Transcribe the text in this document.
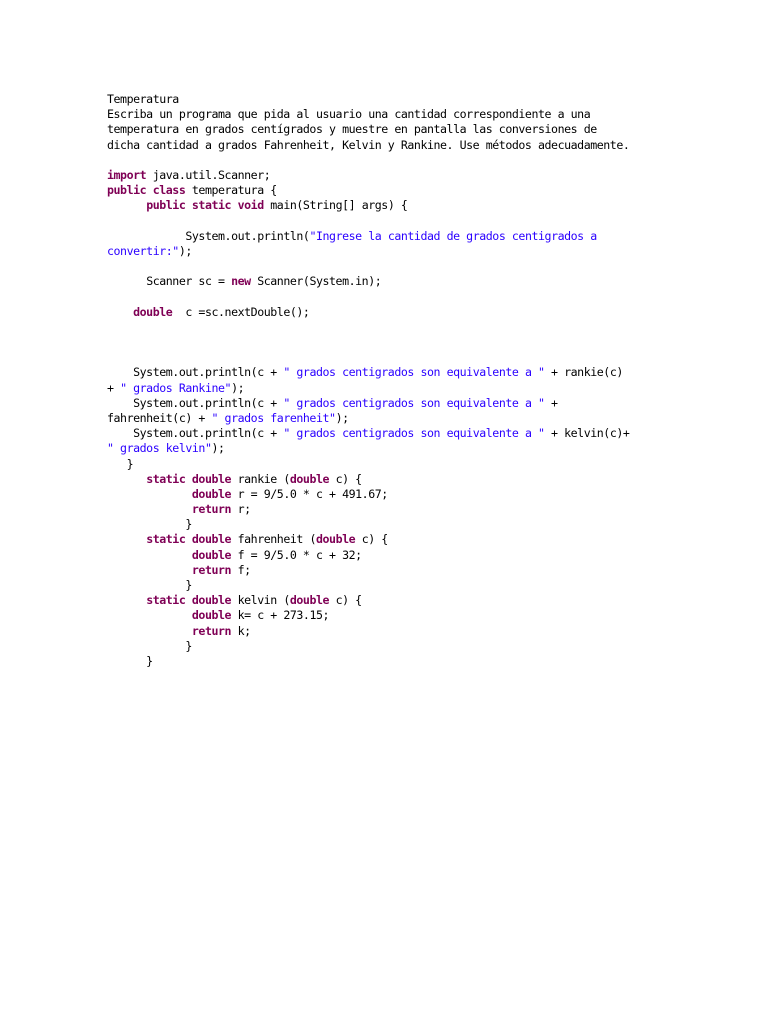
Temperatura
Escriba un programa que pida al usuario una cantidad correspondiente a una
temperatura en grados centígrados y muestre en pantalla las conversiones de
dicha cantidad a grados Fahrenheit, Kelvin y Rankine. Use métodos adecuadamente.
import java.util.Scanner;
public class temperatura {
public static void main(String[] args) {
System.out.println("Ingrese la cantidad de grados centigrados a
convertir:");
Scanner sc = new Scanner(System.in);
double  c =sc.nextDouble();
System.out.println(c + " grados centigrados son equivalente a " + rankie(c)
+ " grados Rankine");
System.out.println(c + " grados centigrados son equivalente a " +
fahrenheit(c) + " grados farenheit");
System.out.println(c + " grados centigrados son equivalente a " + kelvin(c)+
" grados kelvin");
}
static double rankie (double c) {
double r = 9/5.0 * c + 491.67;
return r;
}
static double fahrenheit (double c) {
double f = 9/5.0 * c + 32;
return f;
}
static double kelvin (double c) {
double k= c + 273.15;
return k;
}
}
